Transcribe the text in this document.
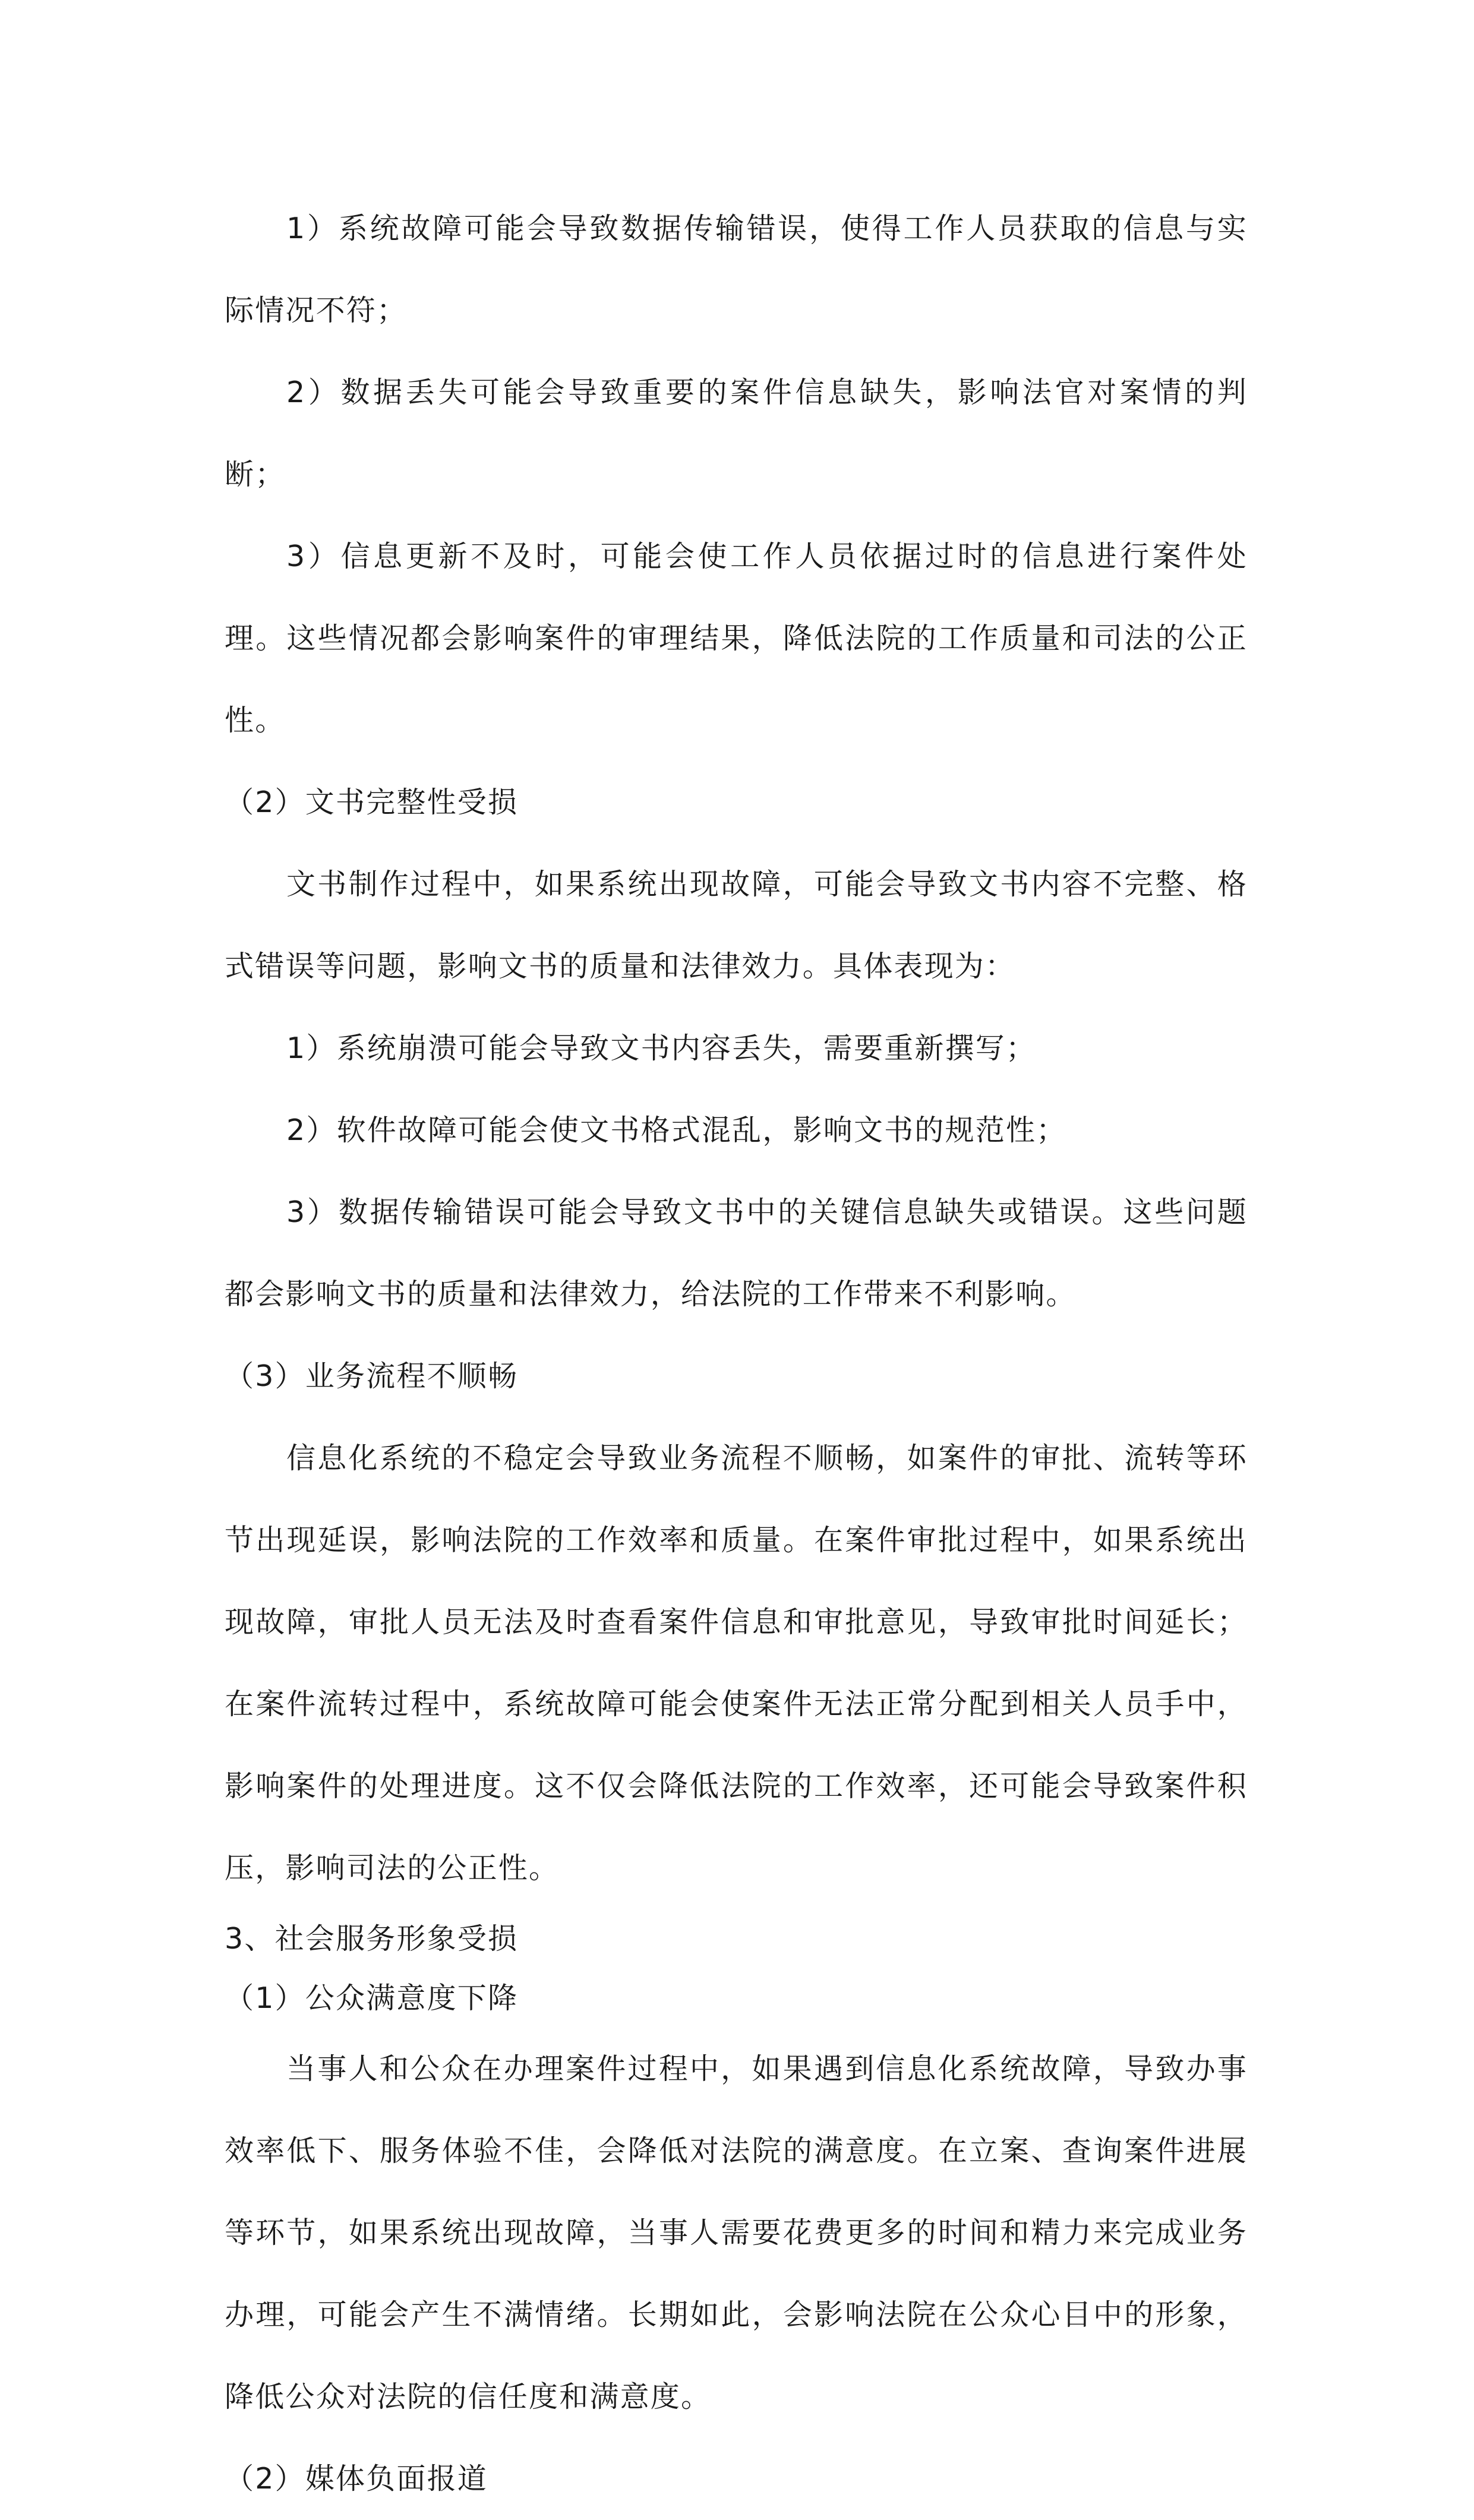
1）系统故障可能会导致数据传输错误，使得工作人员获取的信息与实际情况不符；

2）数据丢失可能会导致重要的案件信息缺失，影响法官对案情的判断；

3）信息更新不及时，可能会使工作人员依据过时的信息进行案件处理。这些情况都会影响案件的审理结果，降低法院的工作质量和司法的公正性。

（2）文书完整性受损

文书制作过程中，如果系统出现故障，可能会导致文书内容不完整、格式错误等问题，影响文书的质量和法律效力。具体表现为：

1）系统崩溃可能会导致文书内容丢失，需要重新撰写；

2）软件故障可能会使文书格式混乱，影响文书的规范性；

3）数据传输错误可能会导致文书中的关键信息缺失或错误。这些问题都会影响文书的质量和法律效力，给法院的工作带来不利影响。

（3）业务流程不顺畅

信息化系统的不稳定会导致业务流程不顺畅，如案件的审批、流转等环节出现延误，影响法院的工作效率和质量。在案件审批过程中，如果系统出现故障，审批人员无法及时查看案件信息和审批意见，导致审批时间延长；在案件流转过程中，系统故障可能会使案件无法正常分配到相关人员手中，影响案件的处理进度。这不仅会降低法院的工作效率，还可能会导致案件积压，影响司法的公正性。

3、社会服务形象受损

（1）公众满意度下降

当事人和公众在办理案件过程中，如果遇到信息化系统故障，导致办事效率低下、服务体验不佳，会降低对法院的满意度。在立案、查询案件进展等环节，如果系统出现故障，当事人需要花费更多的时间和精力来完成业务办理，可能会产生不满情绪。长期如此，会影响法院在公众心目中的形象，降低公众对法院的信任度和满意度。

（2）媒体负面报道
